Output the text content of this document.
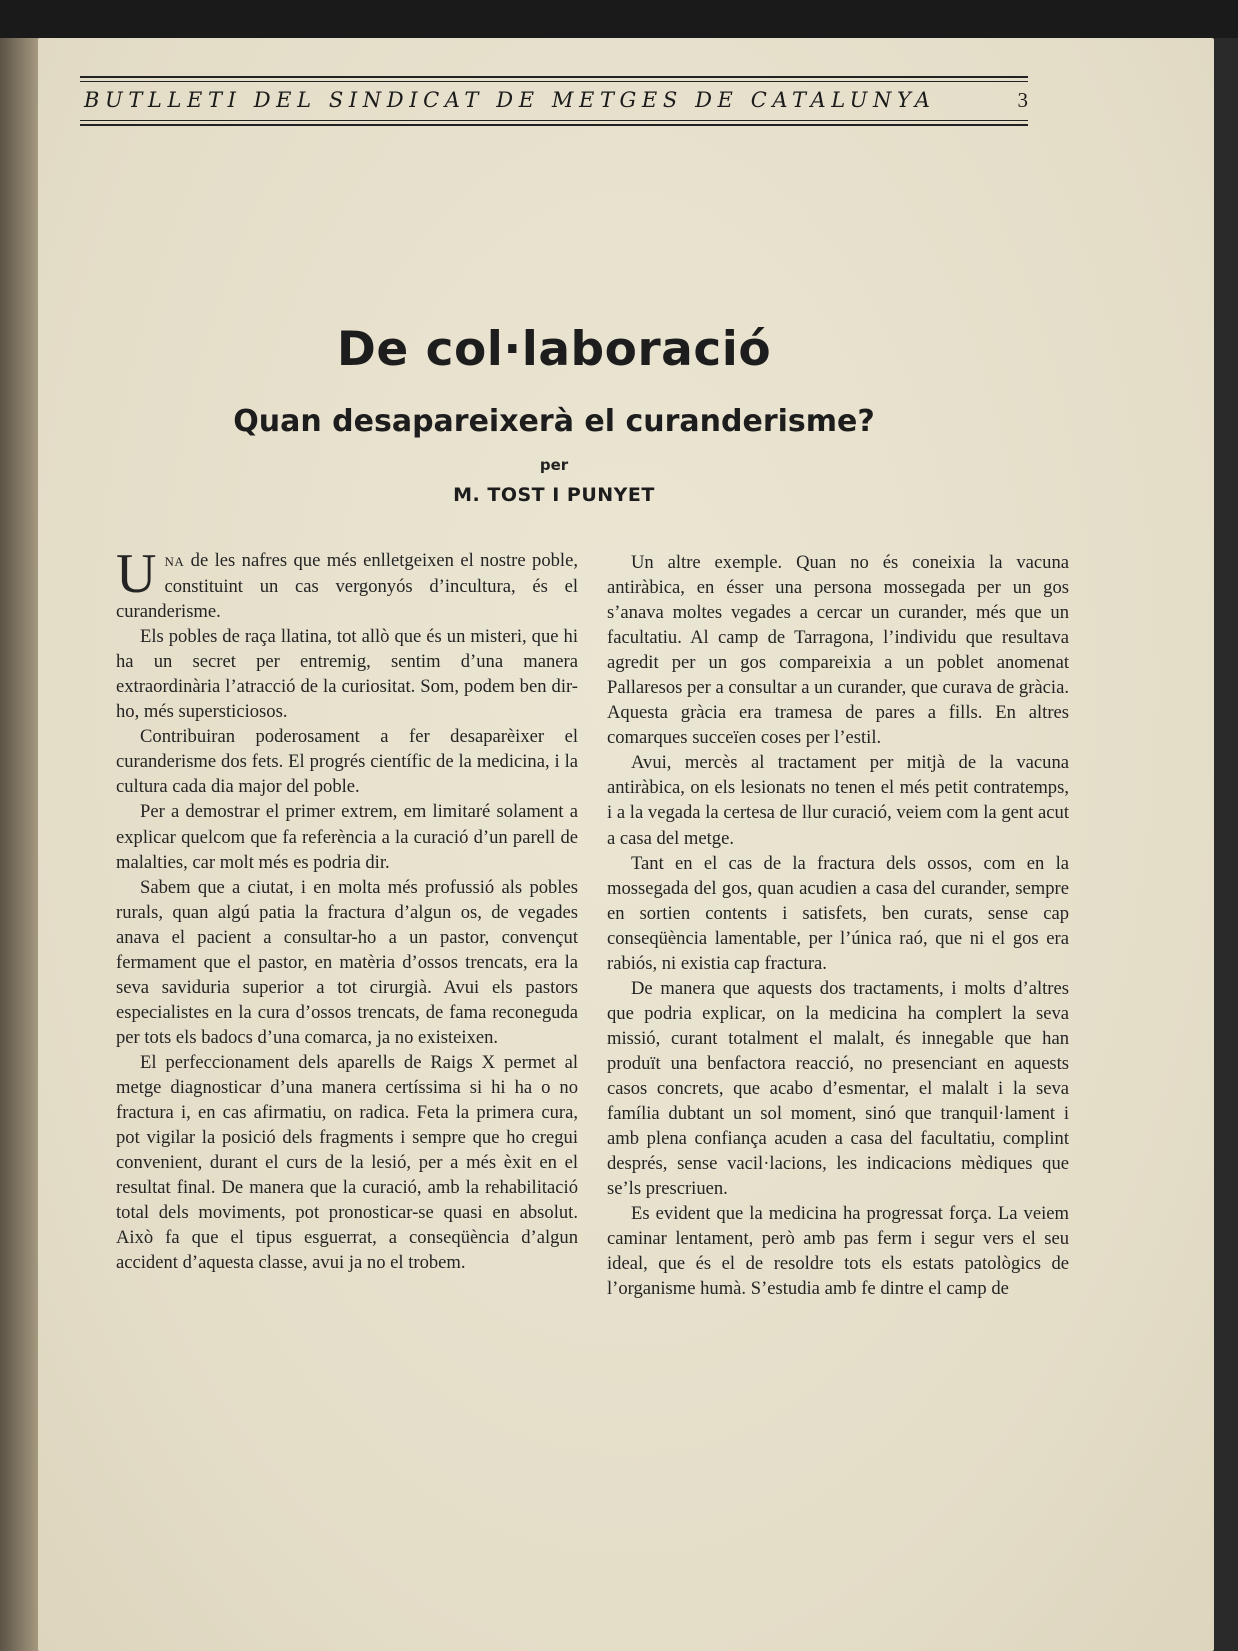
BUTLLETI DEL SINDICAT DE METGES DE CATALUNYA	3
De col·laboració
Quan desapareixerà el curanderisme?
per
M. TOST I PUNYET

UNA de les nafres que més enlletgeixen el nostre poble, constituint un cas vergonyós d’incultura, és el curanderisme.

Els pobles de raça llatina, tot allò que és un misteri, que hi ha un secret per entremig, sentim d’una manera extraordinària l’atracció de la curiositat. Som, podem ben dir-ho, més supersticiosos.

Contribuiran poderosament a fer desaparèixer el curanderisme dos fets. El progrés científic de la medicina, i la cultura cada dia major del poble.

Per a demostrar el primer extrem, em limitaré solament a explicar quelcom que fa referència a la curació d’un parell de malalties, car molt més es podria dir.

Sabem que a ciutat, i en molta més profussió als pobles rurals, quan algú patia la fractura d’algun os, de vegades anava el pacient a consultar-ho a un pastor, convençut fermament que el pastor, en matèria d’ossos trencats, era la seva saviduria superior a tot cirurgià. Avui els pastors especialistes en la cura d’ossos trencats, de fama reconeguda per tots els badocs d’una comarca, ja no existeixen.

El perfeccionament dels aparells de Raigs X permet al metge diagnosticar d’una manera certíssima si hi ha o no fractura i, en cas afirmatiu, on radica. Feta la primera cura, pot vigilar la posició dels fragments i sempre que ho cregui convenient, durant el curs de la lesió, per a més èxit en el resultat final. De manera que la curació, amb la rehabilitació total dels moviments, pot pronosticar-se quasi en absolut. Això fa que el tipus esguerrat, a conseqüència d’algun accident d’aquesta classe, avui ja no el trobem.

Un altre exemple. Quan no és coneixia la vacuna antiràbica, en ésser una persona mossegada per un gos s’anava moltes vegades a cercar un curander, més que un facultatiu. Al camp de Tarragona, l’individu que resultava agredit per un gos compareixia a un poblet anomenat Pallaresos per a consultar a un curander, que curava de gràcia. Aquesta gràcia era tramesa de pares a fills. En altres comarques succeïen coses per l’estil.

Avui, mercès al tractament per mitjà de la vacuna antiràbica, on els lesionats no tenen el més petit contratemps, i a la vegada la certesa de llur curació, veiem com la gent acut a casa del metge.

Tant en el cas de la fractura dels ossos, com en la mossegada del gos, quan acudien a casa del curander, sempre en sortien contents i satisfets, ben curats, sense cap conseqüència lamentable, per l’única raó, que ni el gos era rabiós, ni existia cap fractura.

De manera que aquests dos tractaments, i molts d’altres que podria explicar, on la medicina ha complert la seva missió, curant totalment el malalt, és innegable que han produït una benfactora reacció, no presenciant en aquests casos concrets, que acabo d’esmentar, el malalt i la seva família dubtant un sol moment, sinó que tranquil·lament i amb plena confiança acuden a casa del facultatiu, complint després, sense vacil·lacions, les indicacions mèdiques que se’ls prescriuen.

Es evident que la medicina ha progressat força. La veiem caminar lentament, però amb pas ferm i segur vers el seu ideal, que és el de resoldre tots els estats patològics de l’organisme humà. S’estudia amb fe dintre el camp de
